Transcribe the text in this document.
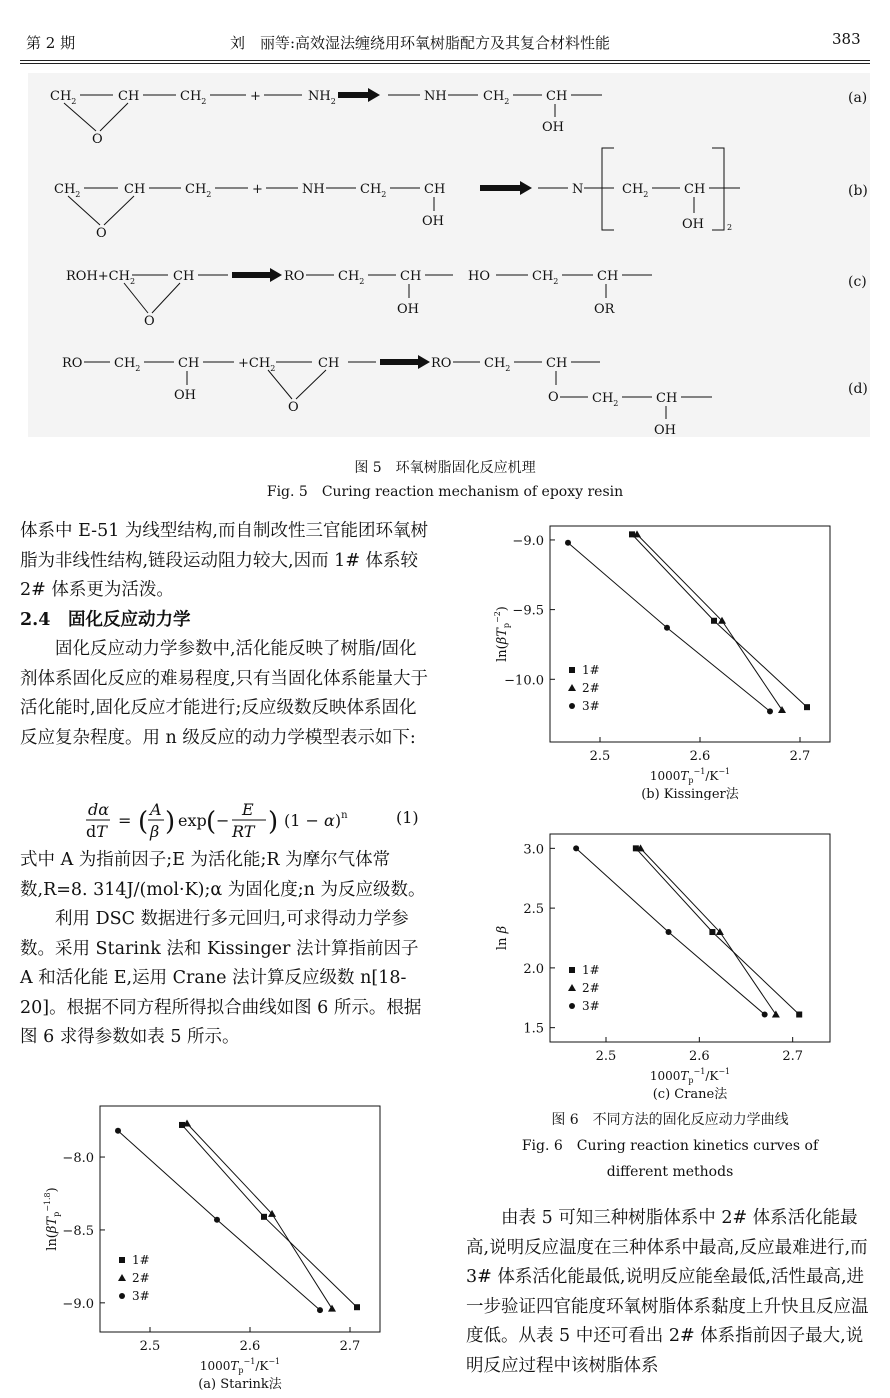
第 2 期	刘　丽等:高效湿法缠绕用环氧树脂配方及其复合材料性能	383
$CH_2$	CH	$CH_2$	+	$NH_2$
O
NH	$CH_2$	CH
OH
$CH_2$	CH	$CH_2$	+	NH	$CH_2$	CH
OH
O
N	$CH_2$	CH
OH	2
$ROH+CH_2$	CH
O
RO	$CH_2$	CH
OH
HO	$CH_2$	CH
OR
RO $CH_2$	CH
OH
$+CH_2$	CH
O
RO	$CH_2$	CH
O	$CH_2$	CH
OH
(a)
(b)
(c)
(d)
图 5　环氧树脂固化反应机理
Fig. 5　Curing reaction mechanism of epoxy resin

体系中 E-51 为线型结构,而自制改性三官能团环氧树脂为非线性结构,链段运动阻力较大,因而 1# 体系较 2# 体系更为活泼。

2.4　固化反应动力学

固化反应动力学参数中,活化能反映了树脂/固化剂体系固化反应的难易程度,只有当固化体系能量大于活化能时,固化反应才能进行;反应级数反映体系固化反应复杂程度。用 n 级反应的动力学模型表示如下:

dα
dT
= ( A
β ) exp ( −
E
RT ) $(1 - \alpha)^n$	(1)

式中 A 为指前因子;E 为活化能;R 为摩尔气体常数,R=8. 314J/(mol·K);α 为固化度;n 为反应级数。

利用 DSC 数据进行多元回归,可求得动力学参数。采用 Starink 法和 Kissinger 法计算指前因子 A 和活化能 E,运用 Crane 法计算反应级数 n[18-20]。根据不同方程所得拟合曲线如图 6 所示。根据图 6 求得参数如表 5 所示。

2.5	2.6	2.7
−9.0
−9.5
−10.0
$1000T_p^{-1}/K^{-1}$
(b) Kissinger法
$\ln(\beta T_p^{-2})$
1#
2#
3#
2.5	2.6	2.7
3.0
2.5
2.0
1.5
$1000T_p^{-1}/K^{-1}$
(c) Crane法
ln β
1#
2#
3#
2.5	2.6	2.7
−8.0
−8.5
−9.0
$1000T_p^{-1}/K^{-1}$
(a) Starink法
$\ln(\beta T_p^{-1.8})$
1#
2#
3#
图 6　不同方法的固化反应动力学曲线
Fig. 6　Curing reaction kinetics curves of
different methods

由表 5 可知三种树脂体系中 2# 体系活化能最高,说明反应温度在三种体系中最高,反应最难进行,而 3# 体系活化能最低,说明反应能垒最低,活性最高,进一步验证四官能度环氧树脂体系黏度上升快且反应温度低。从表 5 中还可看出 2# 体系指前因子最大,说明反应过程中该树脂体系
